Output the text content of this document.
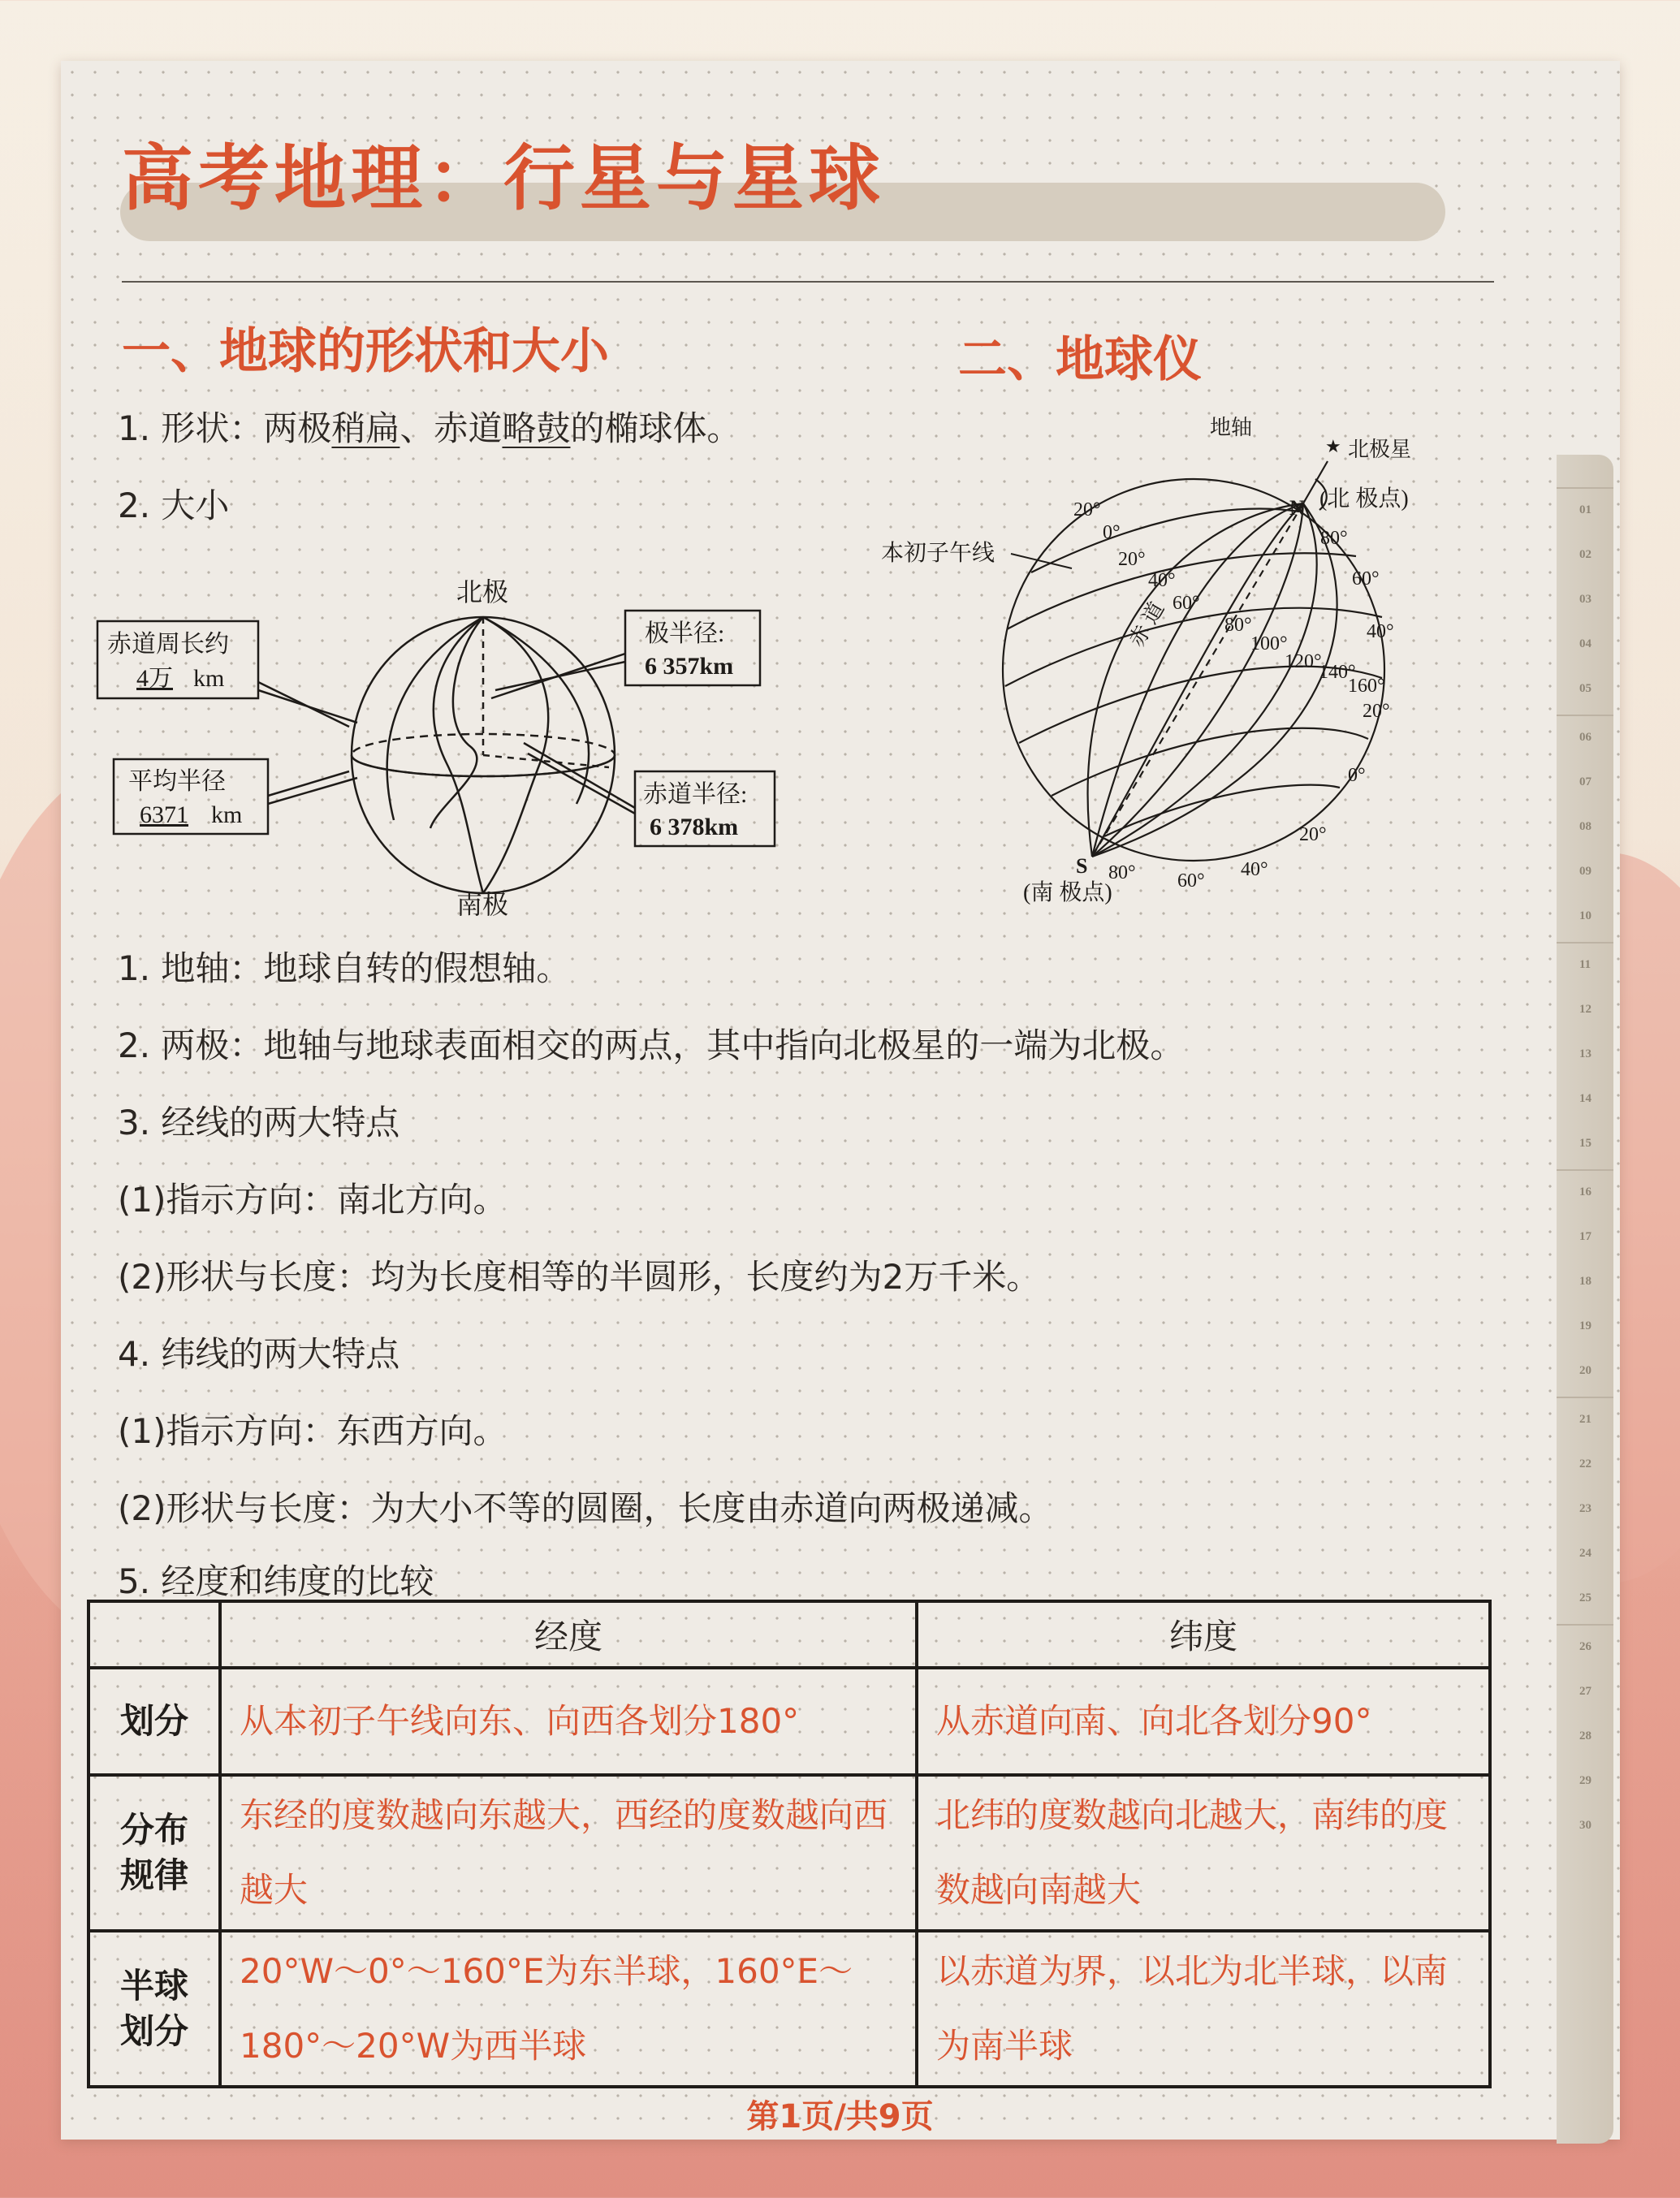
01
02
03
04
05
06
07
08
09
10
11
12
13
14
15
16
17
18
19
20
21
22
23
24
25
26
27
28
29
30
高考地理：行星与星球
一、地球的形状和大小	二、地球仪
1. 形状：两极稍扁、赤道略鼓的椭球体。
2. 大小
北极
南极
赤道周长约
4万 km
平均半径
6371 km
极半径:
6 357km
赤道半径:
6 378km
地轴
★ 北极星
N (北 极点)
S
(南 极点)
本初子午线
赤 道
20°
0°
20°
40°
60°
80°
100°
120°
140°
160°
80°
60°
40°
20°
0°
20°
40°
60°
80°
1. 地轴：地球自转的假想轴。
2. 两极：地轴与地球表面相交的两点，其中指向北极星的一端为北极。
3. 经线的两大特点
(1)指示方向：南北方向。
(2)形状与长度：均为长度相等的半圆形，长度约为2万千米。
4. 纬线的两大特点
(1)指示方向：东西方向。
(2)形状与长度：为大小不等的圆圈，长度由赤道向两极递减。
5. 经度和纬度的比较
	经度	纬度
划分	从本初子午线向东、向西各划分180°	从赤道向南、向北各划分90°
分布
规律	东经的度数越向东越大，西经的度数越向西越大	北纬的度数越向北越大，南纬的度数越向南越大
半球
划分	20°W～0°～160°E为东半球，160°E～180°～20°W为西半球	以赤道为界，以北为北半球，以南为南半球
第1页/共9页
